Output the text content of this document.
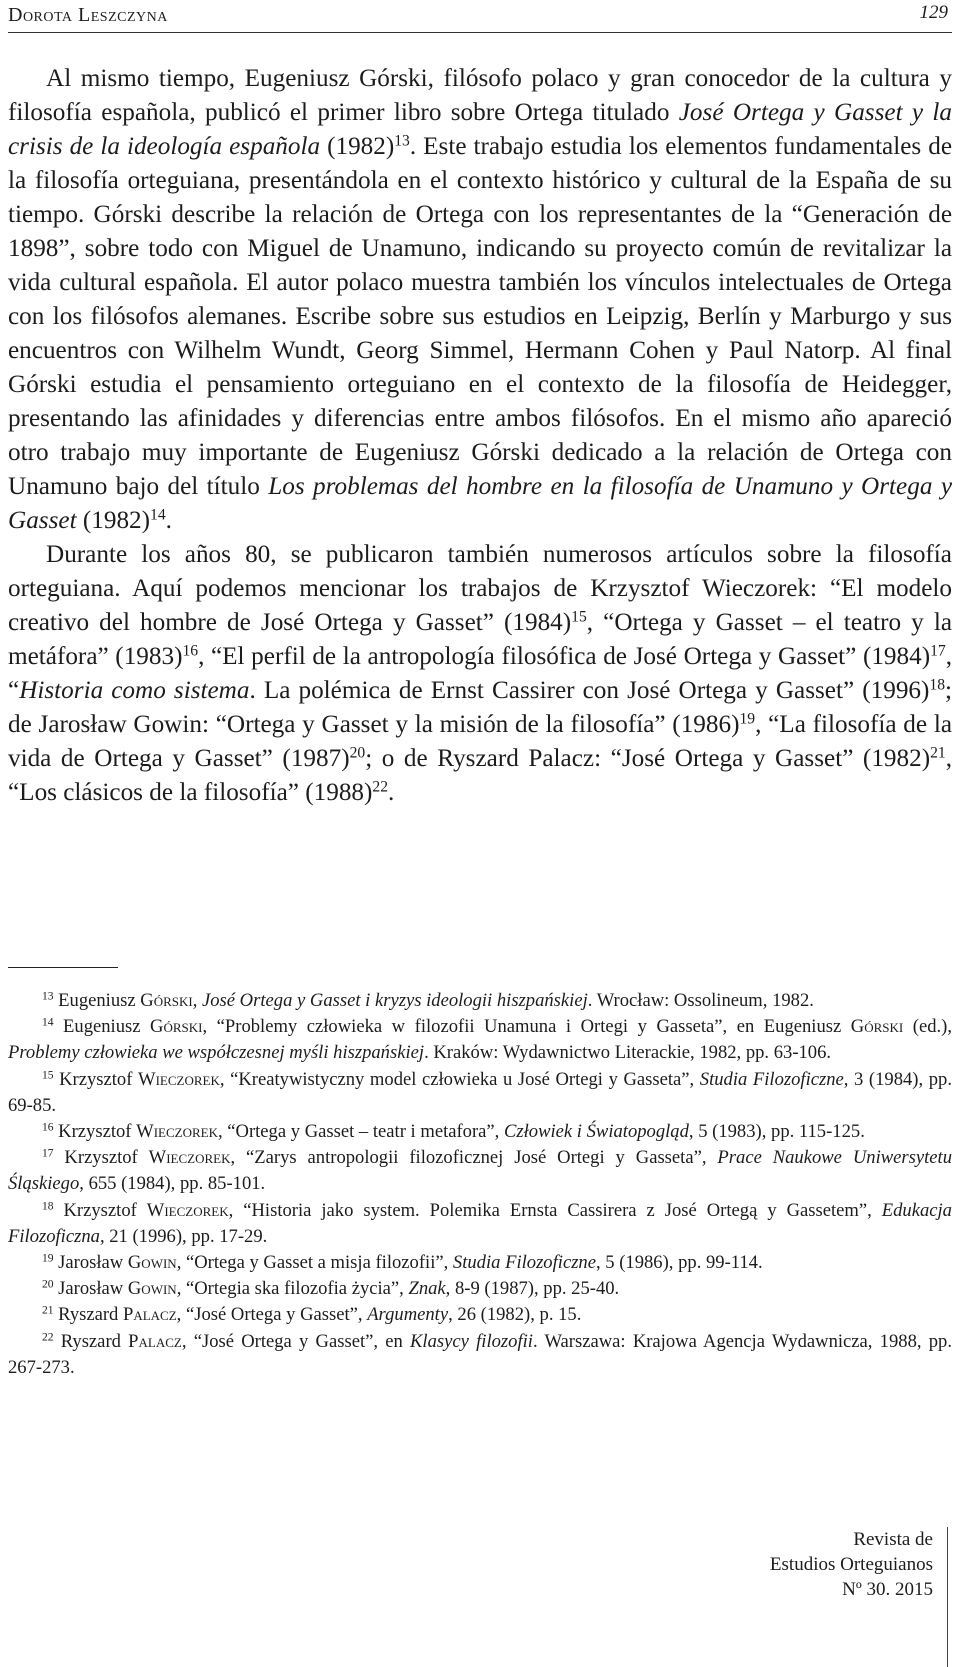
Dorota Leszczyna	129

Al mismo tiempo, Eugeniusz Górski, filósofo polaco y gran conocedor de la cultura y filosofía española, publicó el primer libro sobre Ortega titulado José Ortega y Gasset y la crisis de la ideología española $(1982)^{13}$. Este trabajo estudia los elementos fundamentales de la filosofía orteguiana, presentándola en el contexto histórico y cultural de la España de su tiempo. Górski describe la relación de Ortega con los representantes de la “Generación de 1898”, sobre todo con Miguel de Unamuno, indicando su proyecto común de revitalizar la vida cultural española. El autor polaco muestra también los vínculos intelectuales de Ortega con los filósofos alemanes. Escribe sobre sus estudios en Leipzig, Berlín y Marburgo y sus encuentros con Wilhelm Wundt, Georg Simmel, Hermann Cohen y Paul Natorp. Al final Górski estudia el pensamiento orteguiano en el contexto de la filosofía de Heidegger, presentando las afinidades y diferencias entre ambos filósofos. En el mismo año apareció otro trabajo muy importante de Eugeniusz Górski dedicado a la relación de Ortega con Unamuno bajo del título Los problemas del hombre en la filosofía de Unamuno y Ortega y Gasset $(1982)^{14}$.

Durante los años 80, se publicaron también numerosos artículos sobre la filosofía orteguiana. Aquí podemos mencionar los trabajos de Krzysztof Wieczorek: “El modelo creativo del hombre de José Ortega y Gasset” $(1984)^{15}$, “Ortega y Gasset – el teatro y la metáfora” $(1983)^{16}$, “El perfil de la antropología filosófica de José Ortega y Gasset” $(1984)^{17}$, “Historia como sistema. La polémica de Ernst Cassirer con José Ortega y Gasset” $(1996)^{18}$; de Jarosław Gowin: “Ortega y Gasset y la misión de la filosofía” $(1986)^{19}$, “La filosofía de la vida de Ortega y Gasset” $(1987)^{20}$; o de Ryszard Palacz: “José Ortega y Gasset” $(1982)^{21}$, “Los clásicos de la filosofía” $(1988)^{22}$.

$^{13}$ Eugeniusz Górski, José Ortega y Gasset i kryzys ideologii hiszpańskiej. Wrocław: Ossolineum, 1982.

$^{14}$ Eugeniusz Górski, “Problemy człowieka w filozofii Unamuna i Ortegi y Gasseta”, en Eugeniusz Górski (ed.), Problemy człowieka we współczesnej myśli hiszpańskiej. Kraków: Wydawnictwo Literackie, 1982, pp. 63-106.

$^{15}$ Krzysztof Wieczorek, “Kreatywistyczny model człowieka u José Ortegi y Gasseta”, Studia Filozoficzne, 3 (1984), pp. 69-85.

$^{16}$ Krzysztof Wieczorek, “Ortega y Gasset – teatr i metafora”, Człowiek i Światopogląd, 5 (1983), pp. 115-125.

$^{17}$ Krzysztof Wieczorek, “Zarys antropologii filozoficznej José Ortegi y Gasseta”, Prace Naukowe Uniwersytetu Śląskiego, 655 (1984), pp. 85-101.

$^{18}$ Krzysztof Wieczorek, “Historia jako system. Polemika Ernsta Cassirera z José Ortegą y Gassetem”, Edukacja Filozoficzna, 21 (1996), pp. 17-29.

$^{19}$ Jarosław Gowin, “Ortega y Gasset a misja filozofii”, Studia Filozoficzne, 5 (1986), pp. 99-114.

$^{20}$ Jarosław Gowin, “Ortegia ska filozofia życia”, Znak, 8-9 (1987), pp. 25-40.

$^{21}$ Ryszard Palacz, “José Ortega y Gasset”, Argumenty, 26 (1982), p. 15.

$^{22}$ Ryszard Palacz, “José Ortega y Gasset”, en Klasycy filozofii. Warszawa: Krajowa Agencja Wydawnicza, 1988, pp. 267-273.

Revista de
Estudios Orteguianos
Nº 30. 2015
